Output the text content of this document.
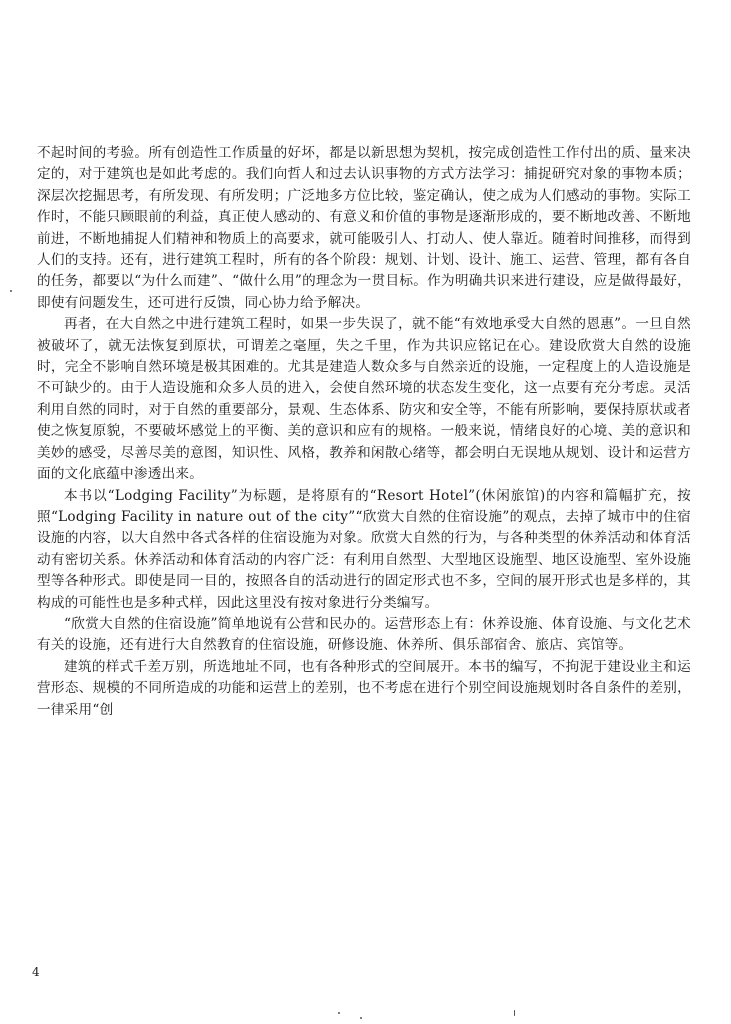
不起时间的考验。所有创造性工作质量的好坏，都是以新思想为契机，按完成创造性工作付出的质、量来决定的，对于建筑也是如此考虑的。我们向哲人和过去认识事物的方式方法学习：捕捉研究对象的事物本质；深层次挖掘思考，有所发现、有所发明；广泛地多方位比较，鉴定确认，使之成为人们感动的事物。实际工作时，不能只顾眼前的利益，真正使人感动的、有意义和价值的事物是逐渐形成的，要不断地改善、不断地前进，不断地捕捉人们精神和物质上的高要求，就可能吸引人、打动人、使人靠近。随着时间推移，而得到人们的支持。还有，进行建筑工程时，所有的各个阶段：规划、计划、设计、施工、运营、管理，都有各自的任务，都要以“为什么而建”、“做什么用”的理念为一贯目标。作为明确共识来进行建设，应是做得最好，即使有问题发生，还可进行反馈，同心协力给予解决。

再者，在大自然之中进行建筑工程时，如果一步失误了，就不能“有效地承受大自然的恩惠”。一旦自然被破坏了，就无法恢复到原状，可谓差之毫厘，失之千里，作为共识应铭记在心。建设欣赏大自然的设施时，完全不影响自然环境是极其困难的。尤其是建造人数众多与自然亲近的设施，一定程度上的人造设施是不可缺少的。由于人造设施和众多人员的进入，会使自然环境的状态发生变化，这一点要有充分考虑。灵活利用自然的同时，对于自然的重要部分，景观、生态体系、防灾和安全等，不能有所影响，要保持原状或者使之恢复原貌，不要破坏感觉上的平衡、美的意识和应有的规格。一般来说，情绪良好的心境、美的意识和美妙的感受，尽善尽美的意图，知识性、风格，教养和闲散心绪等，都会明白无误地从规划、设计和运营方面的文化底蕴中渗透出来。

本书以“Lodging Facility”为标题，是将原有的“Resort Hotel”(休闲旅馆)的内容和篇幅扩充，按照“Lodging Facility in nature out of the city”“欣赏大自然的住宿设施”的观点，去掉了城市中的住宿设施的内容，以大自然中各式各样的住宿设施为对象。欣赏大自然的行为，与各种类型的休养活动和体育活动有密切关系。休养活动和体育活动的内容广泛：有利用自然型、大型地区设施型、地区设施型、室外设施型等各种形式。即使是同一目的，按照各自的活动进行的固定形式也不多，空间的展开形式也是多样的，其构成的可能性也是多种式样，因此这里没有按对象进行分类编写。

“欣赏大自然的住宿设施”简单地说有公营和民办的。运营形态上有：休养设施、体育设施、与文化艺术有关的设施，还有进行大自然教育的住宿设施，研修设施、休养所、俱乐部宿舍、旅店、宾馆等。

建筑的样式千差万别，所选地址不同，也有各种形式的空间展开。本书的编写，不拘泥于建设业主和运营形态、规模的不同所造成的功能和运营上的差别，也不考虑在进行个别空间设施规划时各自条件的差别，一律采用“创

4
